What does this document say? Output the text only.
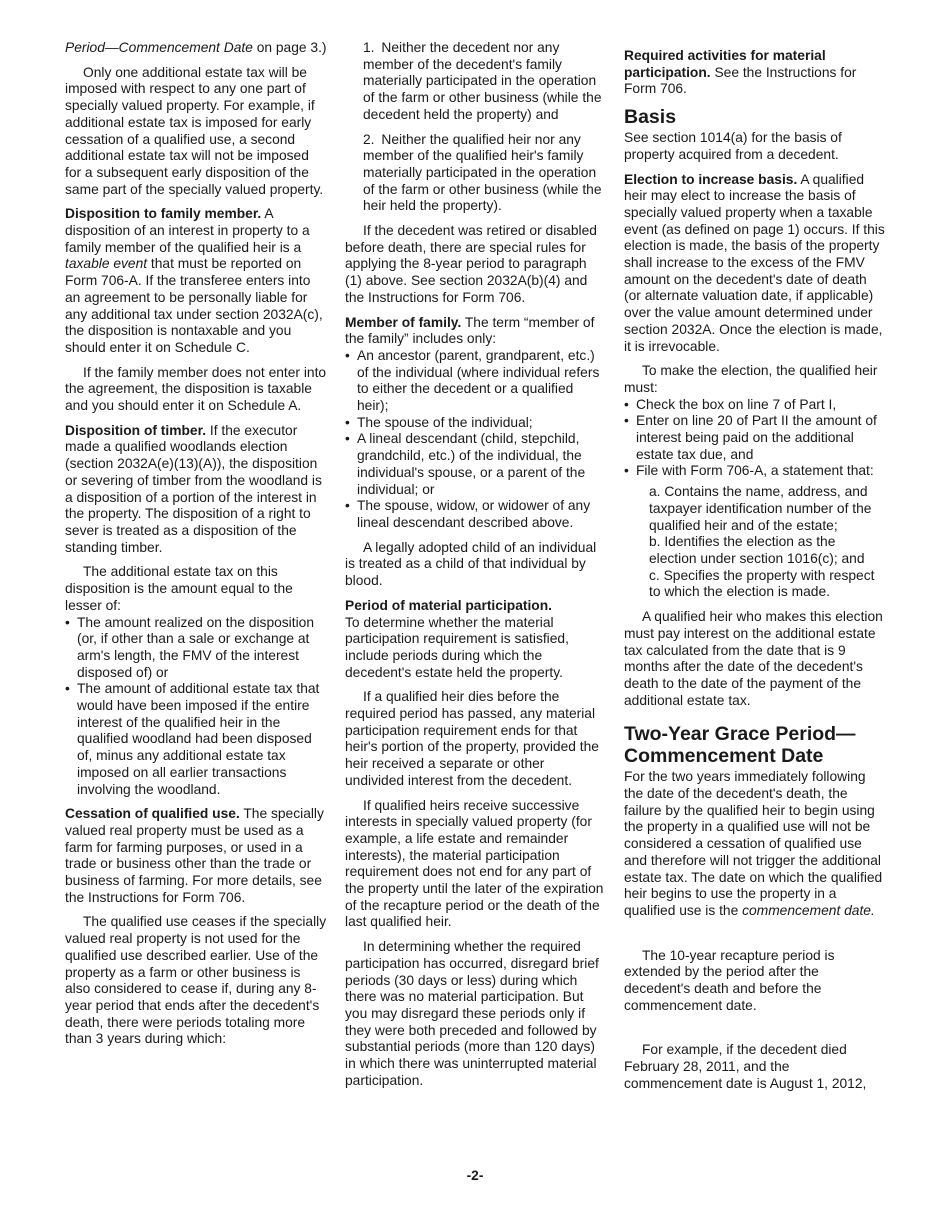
Period—Commencement Date on page 3.)

Only one additional estate tax will be imposed with respect to any one part of specially valued property. For example, if additional estate tax is imposed for early cessation of a qualified use, a second additional estate tax will not be imposed for a subsequent early disposition of the same part of the specially valued property.

Disposition to family member. A disposition of an interest in property to a family member of the qualified heir is a taxable event that must be reported on Form 706-A. If the transferee enters into an agreement to be personally liable for any additional tax under section 2032A(c), the disposition is nontaxable and you should enter it on Schedule C.

If the family member does not enter into the agreement, the disposition is taxable and you should enter it on Schedule A.

Disposition of timber. If the executor made a qualified woodlands election (section 2032A(e)(13)(A)), the disposition or severing of timber from the woodland is a disposition of a portion of the interest in the property. The disposition of a right to sever is treated as a disposition of the standing timber.

The additional estate tax on this disposition is the amount equal to the lesser of:

• The amount realized on the disposition (or, if other than a sale or exchange at arm's length, the FMV of the interest disposed of) or

• The amount of additional estate tax that would have been imposed if the entire interest of the qualified heir in the qualified woodland had been disposed of, minus any additional estate tax imposed on all earlier transactions involving the woodland.

Cessation of qualified use. The specially valued real property must be used as a farm for farming purposes, or used in a trade or business other than the trade or business of farming. For more details, see the Instructions for Form 706.

The qualified use ceases if the specially valued real property is not used for the qualified use described earlier. Use of the property as a farm or other business is also considered to cease if, during any 8-year period that ends after the decedent's death, there were periods totaling more than 3 years during which:

1. Neither the decedent nor any member of the decedent's family materially participated in the operation of the farm or other business (while the decedent held the property) and

2. Neither the qualified heir nor any member of the qualified heir's family materially participated in the operation of the farm or other business (while the heir held the property).

If the decedent was retired or disabled before death, there are special rules for applying the 8-year period to paragraph (1) above. See section 2032A(b)(4) and the Instructions for Form 706.

Member of family. The term “member of the family” includes only:

• An ancestor (parent, grandparent, etc.) of the individual (where individual refers to either the decedent or a qualified heir);

• The spouse of the individual;

• A lineal descendant (child, stepchild, grandchild, etc.) of the individual, the individual's spouse, or a parent of the individual; or

• The spouse, widow, or widower of any lineal descendant described above.

A legally adopted child of an individual is treated as a child of that individual by blood.

Period of material participation.
To determine whether the material participation requirement is satisfied, include periods during which the decedent's estate held the property.

If a qualified heir dies before the required period has passed, any material participation requirement ends for that heir's portion of the property, provided the heir received a separate or other undivided interest from the decedent.

If qualified heirs receive successive interests in specially valued property (for example, a life estate and remainder interests), the material participation requirement does not end for any part of the property until the later of the expiration of the recapture period or the death of the last qualified heir.

In determining whether the required participation has occurred, disregard brief periods (30 days or less) during which there was no material participation. But you may disregard these periods only if they were both preceded and followed by substantial periods (more than 120 days) in which there was uninterrupted material participation.

Required activities for material participation. See the Instructions for Form 706.

Basis

See section 1014(a) for the basis of property acquired from a decedent.

Election to increase basis. A qualified heir may elect to increase the basis of specially valued property when a taxable event (as defined on page 1) occurs. If this election is made, the basis of the property shall increase to the excess of the FMV amount on the decedent's date of death (or alternate valuation date, if applicable) over the value amount determined under section 2032A. Once the election is made, it is irrevocable.

To make the election, the qualified heir must:

• Check the box on line 7 of Part I,

• Enter on line 20 of Part II the amount of interest being paid on the additional estate tax due, and

• File with Form 706-A, a statement that:

a. Contains the name, address, and taxpayer identification number of the qualified heir and of the estate;

b. Identifies the election as the election under section 1016(c); and

c. Specifies the property with respect to which the election is made.

A qualified heir who makes this election must pay interest on the additional estate tax calculated from the date that is 9 months after the date of the decedent's death to the date of the payment of the additional estate tax.

Two-Year Grace Period—Commencement Date

For the two years immediately following the date of the decedent's death, the failure by the qualified heir to begin using the property in a qualified use will not be considered a cessation of qualified use and therefore will not trigger the additional estate tax. The date on which the qualified heir begins to use the property in a qualified use is the commencement date.

The 10-year recapture period is extended by the period after the decedent's death and before the commencement date.

For example, if the decedent died February 28, 2011, and the commencement date is August 1, 2012,

-2-
